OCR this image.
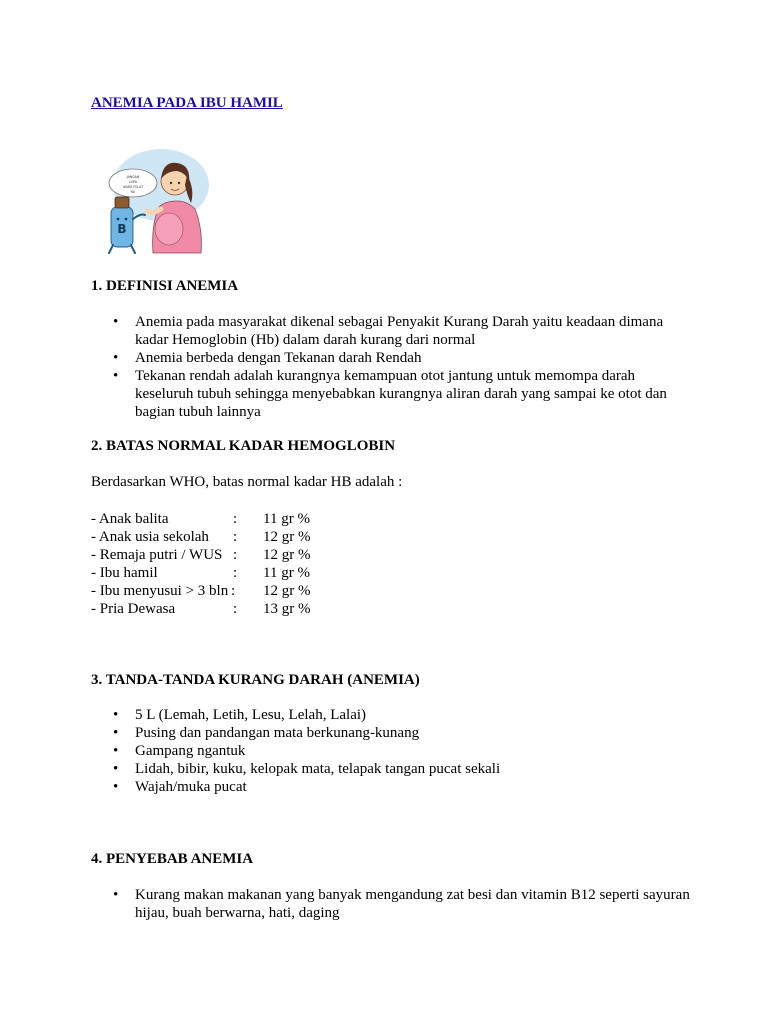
ANEMIA PADA IBU HAMIL
JANGAN
LUPA
ASAM FOLAT
YA!
B
1. DEFINISI ANEMIA
• Anemia pada masyarakat dikenal sebagai Penyakit Kurang Darah yaitu keadaan dimana kadar Hemoglobin (Hb) dalam darah kurang dari normal
• Anemia berbeda dengan Tekanan darah Rendah
• Tekanan rendah adalah kurangnya kemampuan otot jantung untuk memompa darah keseluruh tubuh sehingga menyebabkan kurangnya aliran darah yang sampai ke otot dan bagian tubuh lainnya
2. BATAS NORMAL KADAR HEMOGLOBIN

Berdasarkan WHO, batas normal kadar HB adalah :

- Anak balita	: 11 gr %
- Anak usia sekolah : 12 gr %
- Remaja putri / WUS : 12 gr %
- Ibu hamil	: 11 gr %
- Ibu menyusui > 3 bln : 12 gr %
- Pria Dewasa	: 13 gr %
3. TANDA-TANDA KURANG DARAH (ANEMIA)
• 5 L (Lemah, Letih, Lesu, Lelah, Lalai)
• Pusing dan pandangan mata berkunang-kunang
• Gampang ngantuk
• Lidah, bibir, kuku, kelopak mata, telapak tangan pucat sekali
• Wajah/muka pucat
4. PENYEBAB ANEMIA
• Kurang makan makanan yang banyak mengandung zat besi dan vitamin B12 seperti sayuran hijau, buah berwarna, hati, daging
